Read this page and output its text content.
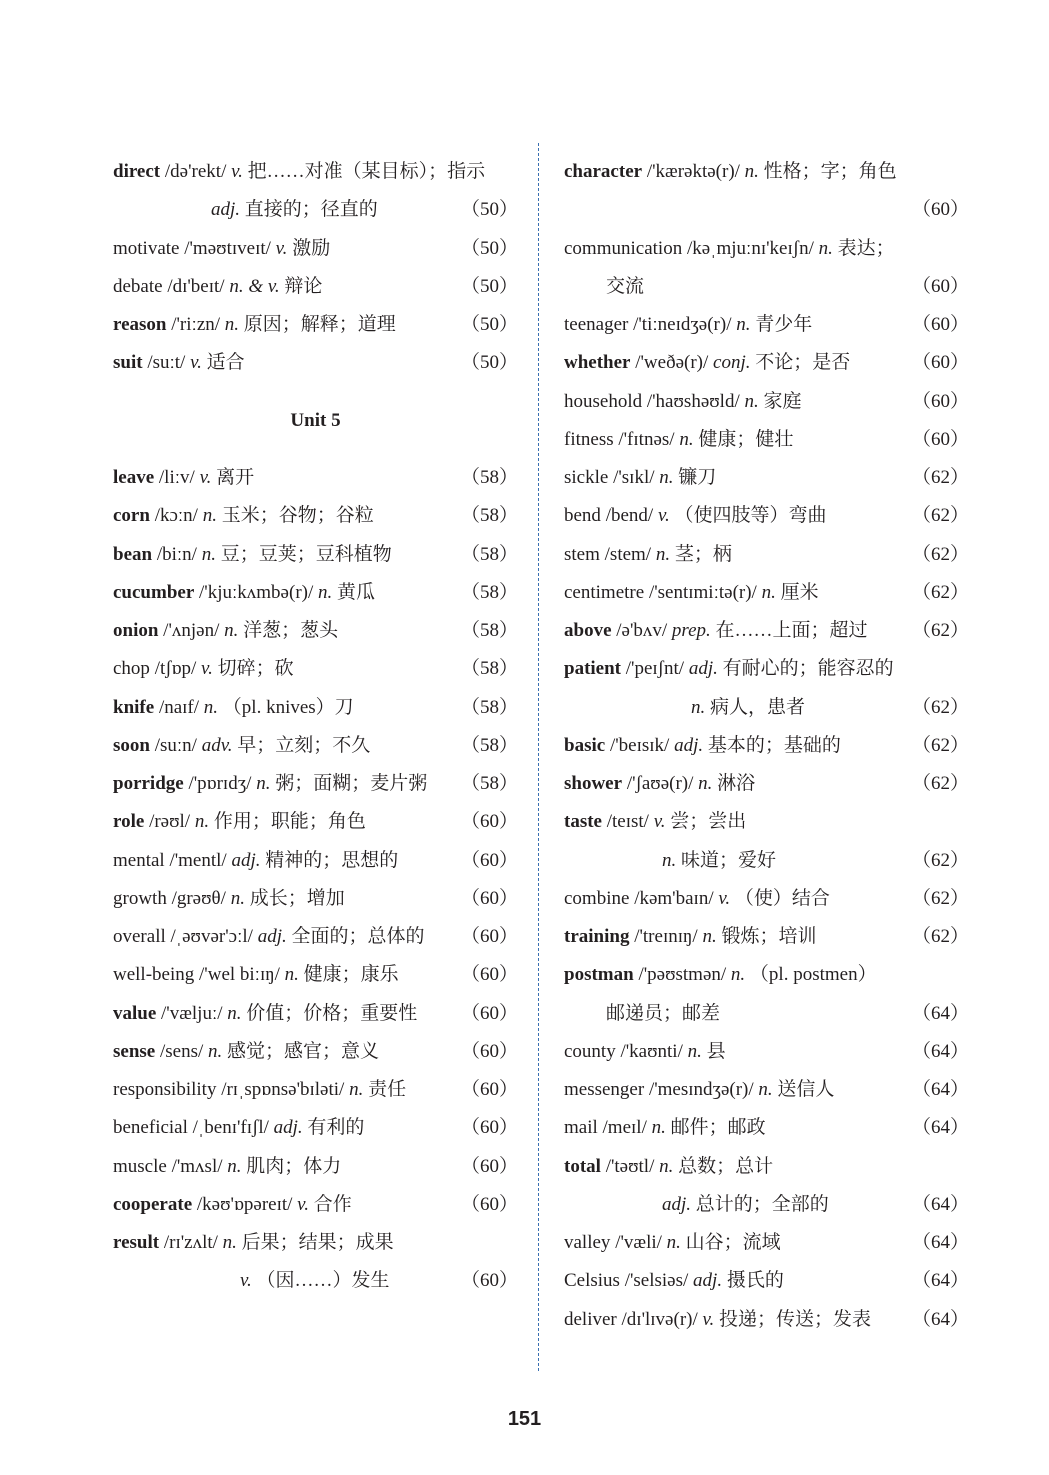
direct /də'rekt/ v. 把……对准（某目标）；指示
adj. 直接的；径直的	（50）
motivate /'məʊtɪveɪt/ v. 激励	（50）
debate /dɪ'beɪt/ n. & v. 辩论	（50）
reason /'riːzn/ n. 原因；解释；道理	（50）
suit /suːt/ v. 适合	（50）
Unit 5
leave /liːv/ v. 离开	（58）
corn /kɔːn/ n. 玉米；谷物；谷粒	（58）
bean /biːn/ n. 豆；豆荚；豆科植物	（58）
cucumber /'kjuːkʌmbə(r)/ n. 黄瓜	（58）
onion /'ʌnjən/ n. 洋葱；葱头	（58）
chop /tʃɒp/ v. 切碎；砍	（58）
knife /naɪf/ n. （pl. knives）刀	（58）
soon /suːn/ adv. 早；立刻；不久	（58）
porridge /'pɒrɪdʒ/ n. 粥；面糊；麦片粥 （58）
role /rəʊl/ n. 作用；职能；角色	（60）
mental /'mentl/ adj. 精神的；思想的	（60）
growth /grəʊθ/ n. 成长；增加	（60）
overall /ˌəʊvər'ɔːl/ adj. 全面的；总体的 （60）
well-being /'wel biːɪŋ/ n. 健康；康乐	（60）
value /'væljuː/ n. 价值；价格；重要性 （60）
sense /sens/ n. 感觉；感官；意义	（60）
responsibility /rɪˌspɒnsə'bɪləti/ n. 责任	（60）
beneficial /ˌbenɪ'fɪʃl/ adj. 有利的	（60）
muscle /'mʌsl/ n. 肌肉；体力	（60）
cooperate /kəʊ'ɒpəreɪt/ v. 合作	（60）
result /rɪ'zʌlt/ n. 后果；结果；成果
v. （因……）发生	（60）
character /'kærəktə(r)/ n. 性格；字；角色
（60）
communication /kəˌmjuːnɪ'keɪʃn/ n. 表达；
交流	（60）
teenager /'tiːneɪdʒə(r)/ n. 青少年	（60）
whether /'weðə(r)/ conj. 不论；是否	（60）
household /'haʊshəʊld/ n. 家庭	（60）
fitness /'fɪtnəs/ n. 健康；健壮	（60）
sickle /'sɪkl/ n. 镰刀	（62）
bend /bend/ v. （使四肢等）弯曲	（62）
stem /stem/ n. 茎；柄	（62）
centimetre /'sentɪmiːtə(r)/ n. 厘米	（62）
above /ə'bʌv/ prep. 在……上面；超过 （62）
patient /'peɪʃnt/ adj. 有耐心的；能容忍的
n. 病人，患者	（62）
basic /'beɪsɪk/ adj. 基本的；基础的	（62）
shower /'ʃaʊə(r)/ n. 淋浴	（62）
taste /teɪst/ v. 尝；尝出
n. 味道；爱好	（62）
combine /kəm'baɪn/ v. （使）结合	（62）
training /'treɪnɪŋ/ n. 锻炼；培训	（62）
postman /'pəʊstmən/ n. （pl. postmen）
邮递员；邮差	（64）
county /'kaʊnti/ n. 县	（64）
messenger /'mesɪndʒə(r)/ n. 送信人	（64）
mail /meɪl/ n. 邮件；邮政	（64）
total /'təʊtl/ n. 总数；总计
adj. 总计的；全部的	（64）
valley /'væli/ n. 山谷；流域	（64）
Celsius /'selsiəs/ adj. 摄氏的	（64）
deliver /dɪ'lɪvə(r)/ v. 投递；传送；发表 （64）
151
